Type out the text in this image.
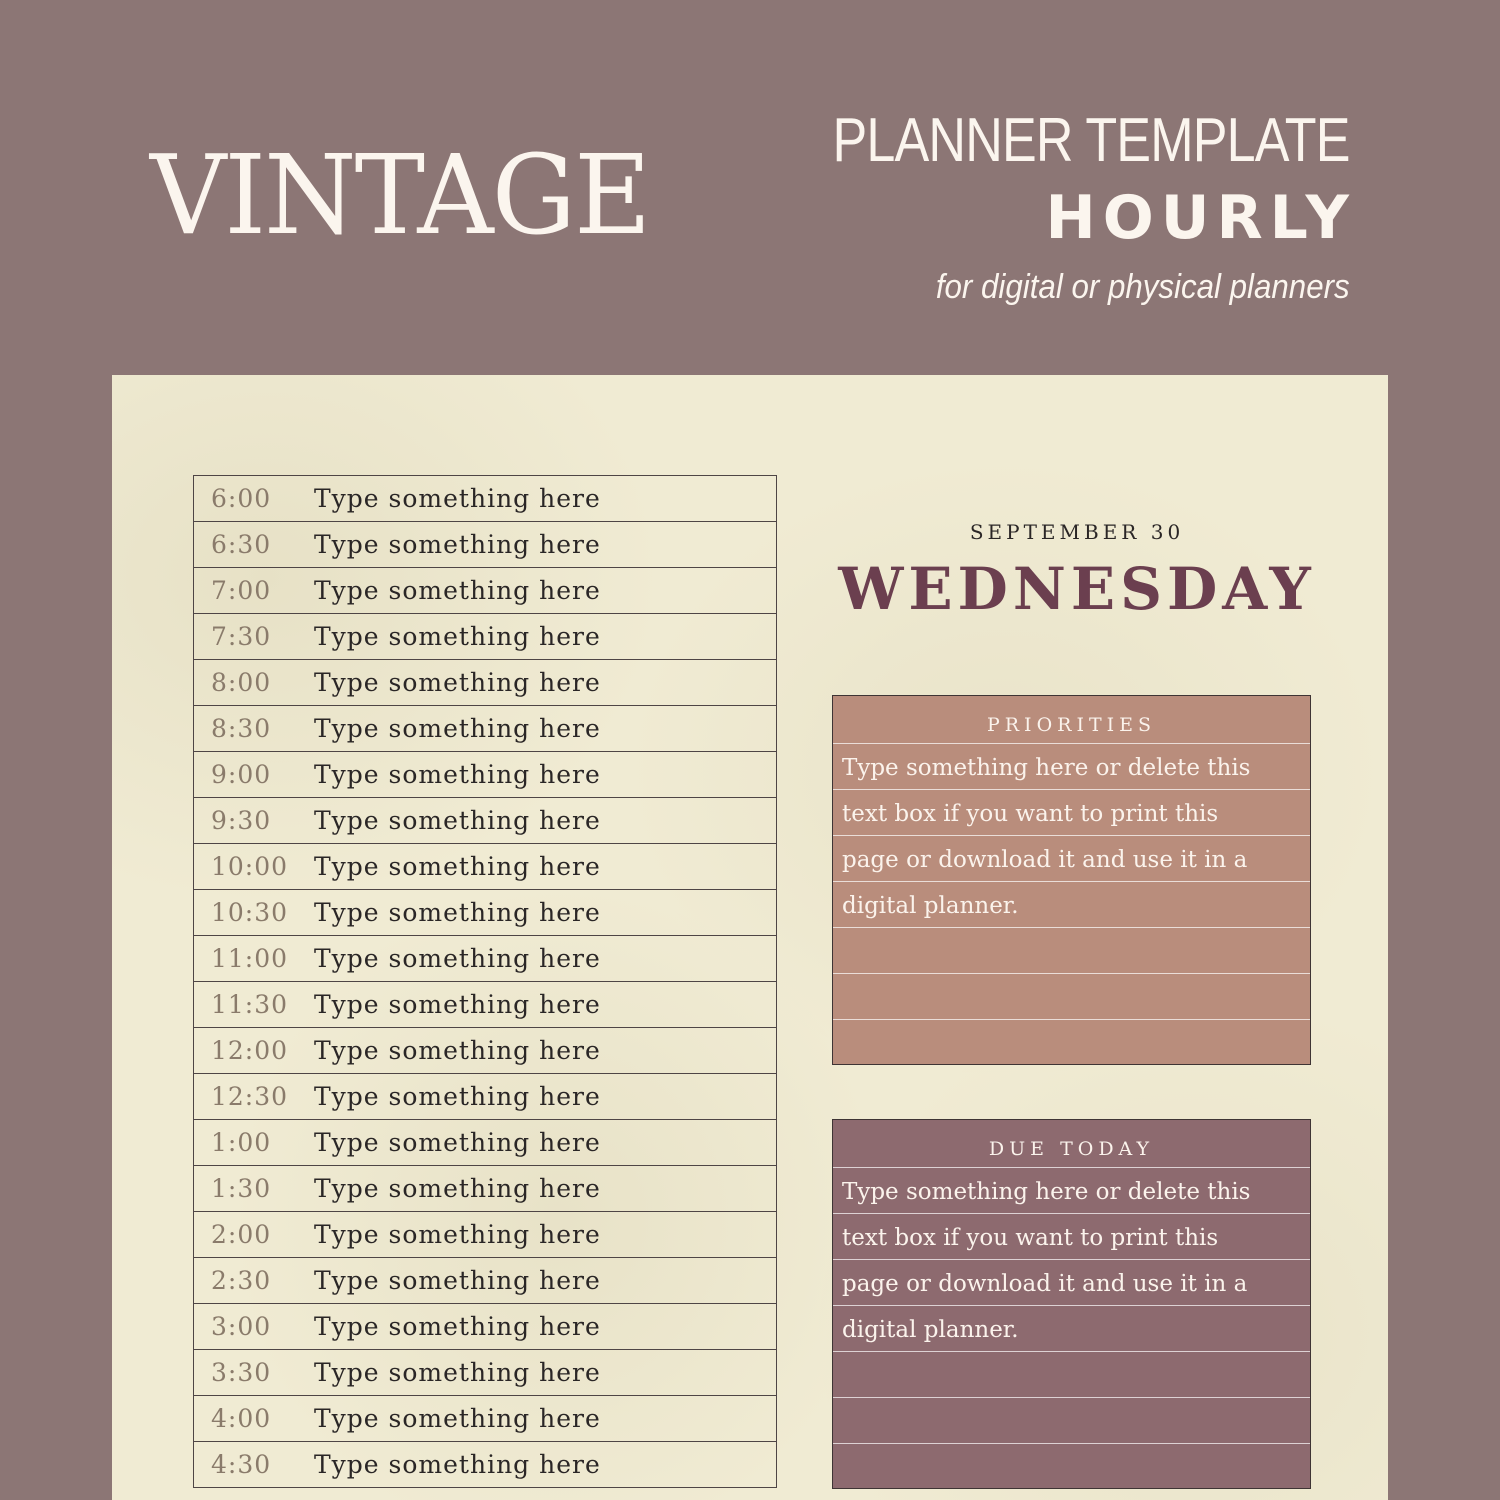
VINTAGE	PLANNER TEMPLATE
HOURLY
for digital or physical planners
6:00 Type something here
6:30 Type something here
7:00 Type something here
7:30 Type something here
8:00 Type something here
8:30 Type something here
9:00 Type something here
9:30 Type something here
10:00 Type something here
10:30 Type something here
11:00 Type something here
11:30 Type something here
12:00 Type something here
12:30 Type something here
1:00 Type something here
1:30 Type something here
2:00 Type something here
2:30 Type something here
3:00 Type something here
3:30 Type something here
4:00 Type something here
4:30 Type something here
SEPTEMBER 30
WEDNESDAY
PRIORITIES
Type something here or delete this
text box if you want to print this
page or download it and use it in a
digital planner.
DUE TODAY
Type something here or delete this
text box if you want to print this
page or download it and use it in a
digital planner.
